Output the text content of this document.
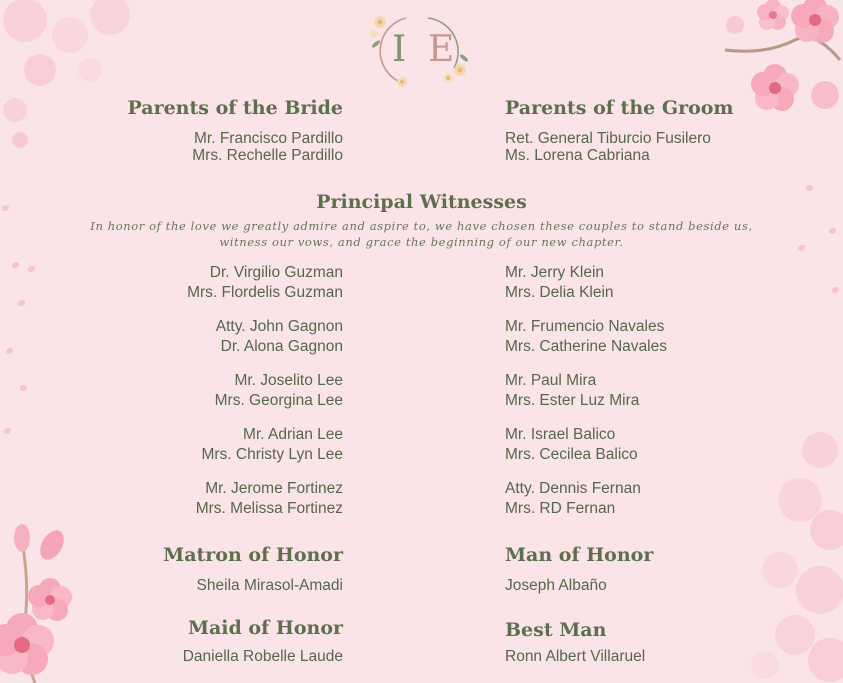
I E
Parents of the Bride
Mr. Francisco Pardillo
Mrs. Rechelle Pardillo
Parents of the Groom
Ret. General Tiburcio Fusilero
Ms. Lorena Cabriana
Principal Witnesses
In honor of the love we greatly admire and aspire to, we have chosen these couples to stand beside us, witness our vows, and grace the beginning of our new chapter.
Dr. Virgilio Guzman
Mrs. Flordelis Guzman
Atty. John Gagnon
Dr. Alona Gagnon
Mr. Joselito Lee
Mrs. Georgina Lee
Mr. Adrian Lee
Mrs. Christy Lyn Lee
Mr. Jerome Fortinez
Mrs. Melissa Fortinez
Mr. Jerry Klein
Mrs. Delia Klein
Mr. Frumencio Navales
Mrs. Catherine Navales
Mr. Paul Mira
Mrs. Ester Luz Mira
Mr. Israel Balico
Mrs. Cecilea Balico
Atty. Dennis Fernan
Mrs. RD Fernan
Matron of Honor
Sheila Mirasol-Amadi
Man of Honor
Joseph Albaño
Maid of Honor
Daniella Robelle Laude
Best Man
Ronn Albert Villaruel
